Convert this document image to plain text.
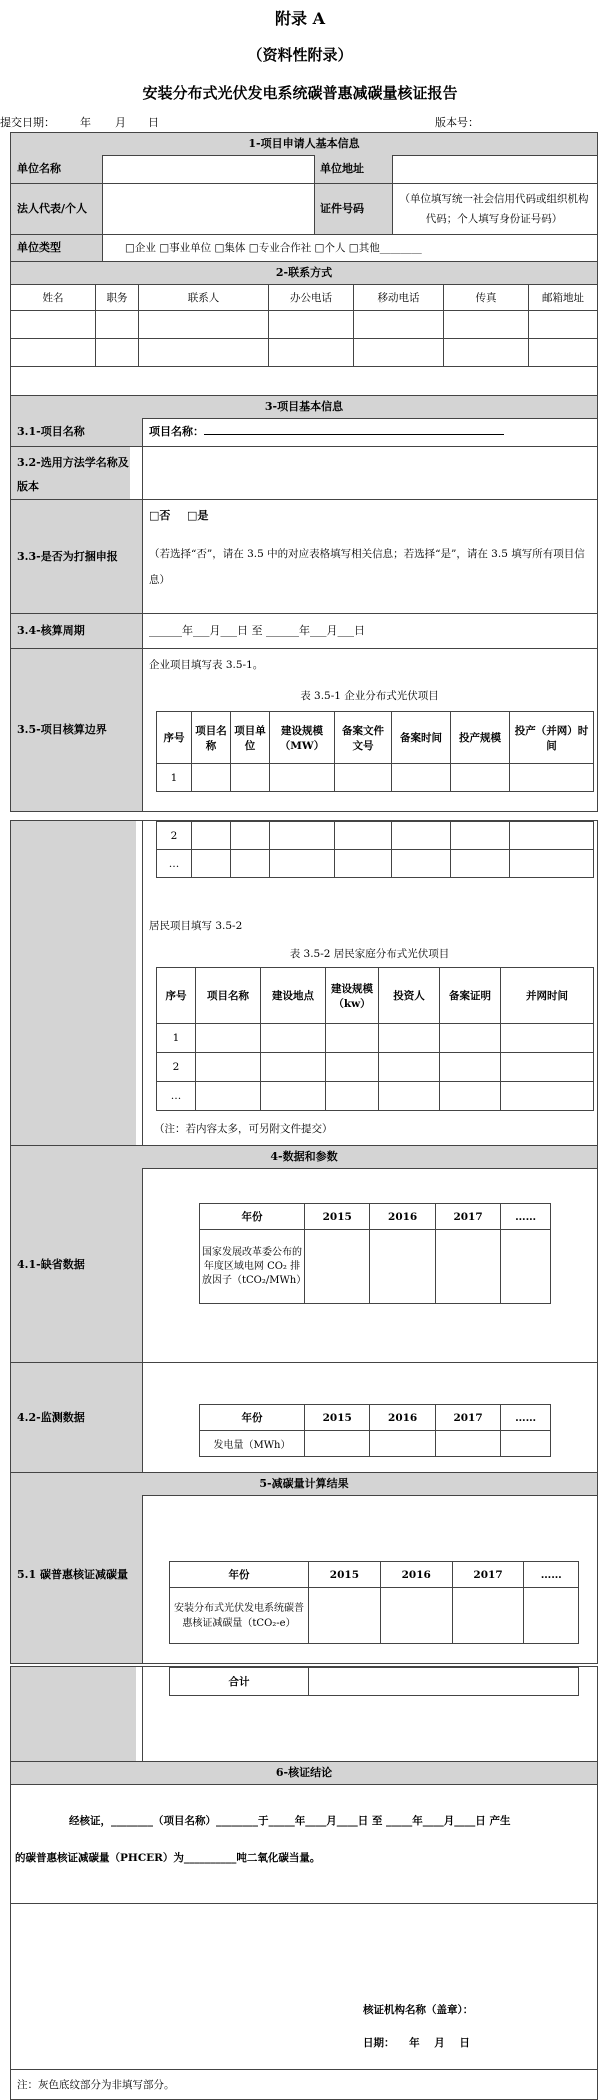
附录 A
（资料性附录）
安装分布式光伏发电系统碳普惠减碳量核证报告
提交日期： 年 月 日	版本号：
1-项目申请人基本信息
单位名称	单位地址
法人代表/个人	证件号码
（单位填写统一社会信用代码或组织机构代码；个人填写身份证号码）
单位类型	□企业 □事业单位 □集体 □专业合作社 □个人 □其他________
2-联系方式
姓名	职务	联系人	办公电话	移动电话	传真	邮箱地址

3-项目基本信息
3.1-项目名称	项目名称：
3.2-选用方法学名称及版本
3.3-是否为打捆申报
□否 □是
（若选择“否”，请在 3.5 中的对应表格填写相关信息；若选择“是”，请在 3.5 填写所有项目信息）
3.4-核算周期	______年___月___日 至 ______年___月___日
3.5-项目核算边界
企业项目填写表 3.5-1。
表 3.5-1 企业分布式光伏项目
序号	项目名称	项目单位	建设规模（MW）	备案文件文号	备案时间	投产规模	投产（并网）时间
1							
2							
…							
居民项目填写 3.5-2
表 3.5-2 居民家庭分布式光伏项目
序号	项目名称	建设地点	建设规模（kw）	投资人	备案证明	并网时间
1						
2						
…						
（注：若内容太多，可另附文件提交）
4-数据和参数
4.1-缺省数据
年份	2015	2016	2017	……
国家发展改革委公布的年度区域电网 CO₂ 排放因子（tCO₂/MWh）				
4.2-监测数据	年份	2015	2016	2017	……
发电量（MWh）				
5-减碳量计算结果
5.1 碳普惠核证减碳量	年份	2015	2016	2017	……
安装分布式光伏发电系统碳普惠核证减碳量（tCO₂-e）				
合计	
6-核证结论
经核证，________（项目名称）________于_____年____月____日 至 _____年____月____日 产生
的碳普惠核证减碳量（PHCER）为__________吨二氧化碳当量。
核证机构名称（盖章）：
日期：    年    月    日
注：灰色底纹部分为非填写部分。
